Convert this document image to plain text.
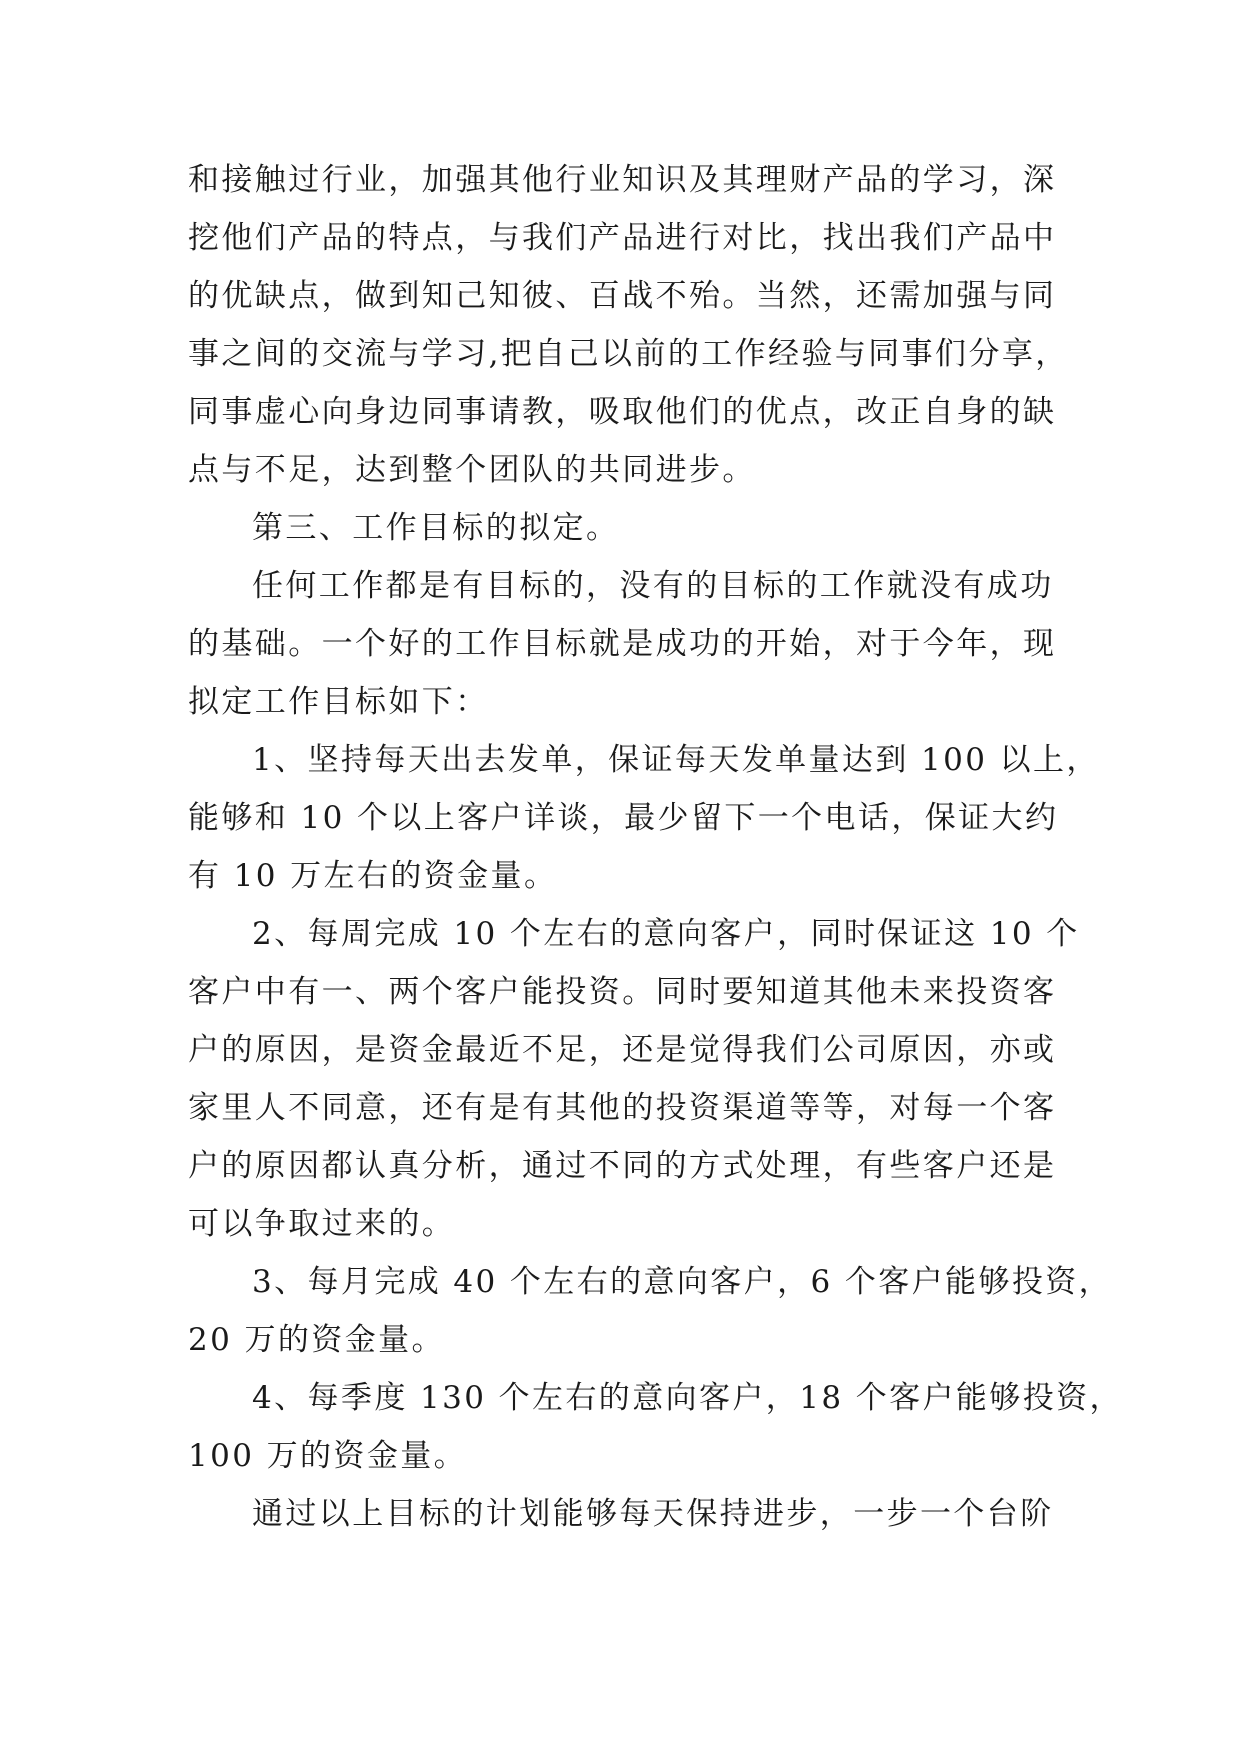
和接触过行业，加强其他行业知识及其理财产品的学习，深
挖他们产品的特点，与我们产品进行对比，找出我们产品中
的优缺点，做到知己知彼、百战不殆。当然，还需加强与同
事之间的交流与学习,把自己以前的工作经验与同事们分享，
同事虚心向身边同事请教，吸取他们的优点，改正自身的缺
点与不足，达到整个团队的共同进步。
第三、工作目标的拟定。
任何工作都是有目标的，没有的目标的工作就没有成功
的基础。一个好的工作目标就是成功的开始，对于今年，现
拟定工作目标如下：
1、坚持每天出去发单，保证每天发单量达到 100 以上，
能够和 10 个以上客户详谈，最少留下一个电话，保证大约
有 10 万左右的资金量。
2、每周完成 10 个左右的意向客户，同时保证这 10 个
客户中有一、两个客户能投资。同时要知道其他未来投资客
户的原因，是资金最近不足，还是觉得我们公司原因，亦或
家里人不同意，还有是有其他的投资渠道等等，对每一个客
户的原因都认真分析，通过不同的方式处理，有些客户还是
可以争取过来的。
3、每月完成 40 个左右的意向客户，6 个客户能够投资，
20 万的资金量。
4、每季度 130 个左右的意向客户，18 个客户能够投资，
100 万的资金量。
通过以上目标的计划能够每天保持进步，一步一个台阶
